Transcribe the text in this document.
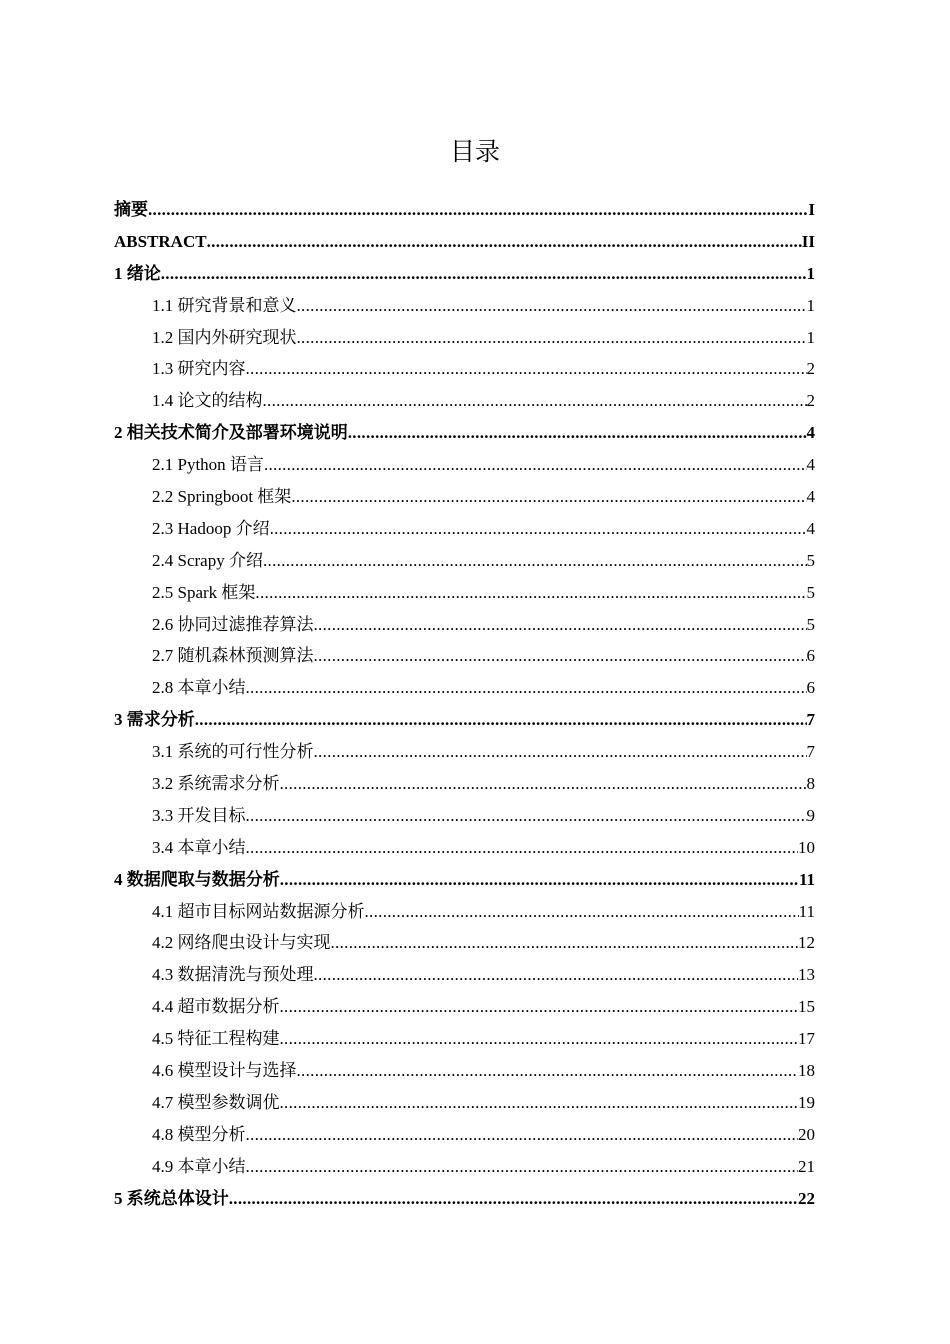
目录
摘要 .....	I
ABSTRACT .....	II
1 绪论 .....	1
1.1 研究背景和意义 .....	1
1.2 国内外研究现状 .....	1
1.3 研究内容 .....	2
1.4 论文的结构 .....	2
2 相关技术简介及部署环境说明 .....	4
2.1 Python 语言 .....	4
2.2 Springboot 框架 .....	4
2.3 Hadoop 介绍 .....	4
2.4 Scrapy 介绍 .....	5
2.5 Spark 框架 .....	5
2.6 协同过滤推荐算法 .....	5
2.7 随机森林预测算法 .....	6
2.8 本章小结 .....	6
3 需求分析 .....	7
3.1 系统的可行性分析 .....	7
3.2 系统需求分析 .....	8
3.3 开发目标 .....	9
3.4 本章小结 .....	10
4 数据爬取与数据分析 .....	11
4.1 超市目标网站数据源分析 .....	11
4.2 网络爬虫设计与实现 .....	12
4.3 数据清洗与预处理 .....	13
4.4 超市数据分析 .....	15
4.5 特征工程构建 .....	17
4.6 模型设计与选择 .....	18
4.7 模型参数调优 .....	19
4.8 模型分析 .....	20
4.9 本章小结 .....	21
5 系统总体设计 .....	22
